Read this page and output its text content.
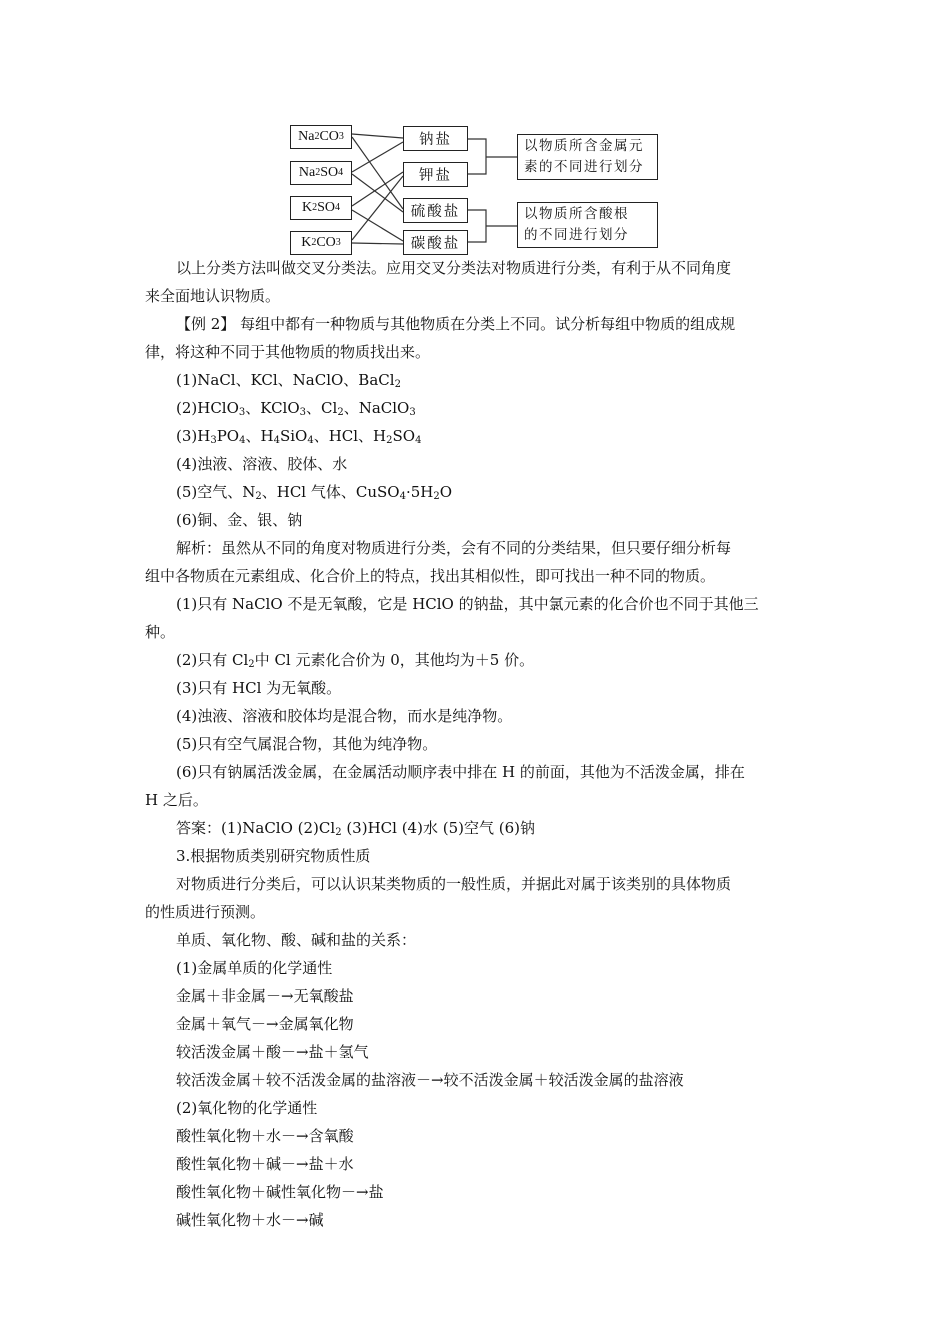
Na 2 CO 3
Na 2 SO 4
K 2 SO 4
K 2 CO 3
钠盐
钾盐
硫酸盐
碳酸盐
以物质所含金属元
素的不同进行划分
以物质所含酸根
的不同进行划分

以上分类方法叫做交叉分类法。应用交叉分类法对物质进行分类，有利于从不同角度

来全面地认识物质。

【例 2】 每组中都有一种物质与其他物质在分类上不同。试分析每组中物质的组成规

律，将这种不同于其他物质的物质找出来。

(1)NaCl、KCl、NaClO、BaCl$_2$

(2)HClO$_3$、KClO$_3$、$Cl_2$、NaClO$_3$

$(3)H_3PO_4$、$H_4SiO_4$、HCl、$H_2SO_4$

(4)浊液、溶液、胶体、水

(5)空气、$N_2$、HCl 气体、$CuSO_4\cdot 5H_2O$

(6)铜、金、银、钠

解析：虽然从不同的角度对物质进行分类，会有不同的分类结果，但只要仔细分析每

组中各物质在元素组成、化合价上的特点，找出其相似性，即可找出一种不同的物质。

(1)只有 NaClO 不是无氧酸，它是 HClO 的钠盐，其中氯元素的化合价也不同于其他三

种。

(2)只有 $Cl_2$中 Cl 元素化合价为 0，其他均为＋5 价。

(3)只有 HCl 为无氧酸。

(4)浊液、溶液和胶体均是混合物，而水是纯净物。

(5)只有空气属混合物，其他为纯净物。

(6)只有钠属活泼金属，在金属活动顺序表中排在 H 的前面，其他为不活泼金属，排在

H 之后。

答案：(1)NaClO $(2)Cl_2$ (3)HCl (4)水 (5)空气 (6)钠

3.根据物质类别研究物质性质

对物质进行分类后，可以认识某类物质的一般性质，并据此对属于该类别的具体物质

的性质进行预测。

单质、氧化物、酸、碱和盐的关系：

(1)金属单质的化学通性

金属＋非金属－→无氧酸盐

金属＋氧气－→金属氧化物

较活泼金属＋酸－→盐＋氢气

较活泼金属＋较不活泼金属的盐溶液－→较不活泼金属＋较活泼金属的盐溶液

(2)氧化物的化学通性

酸性氧化物＋水－→含氧酸

酸性氧化物＋碱－→盐＋水

酸性氧化物＋碱性氧化物－→盐

碱性氧化物＋水－→碱
